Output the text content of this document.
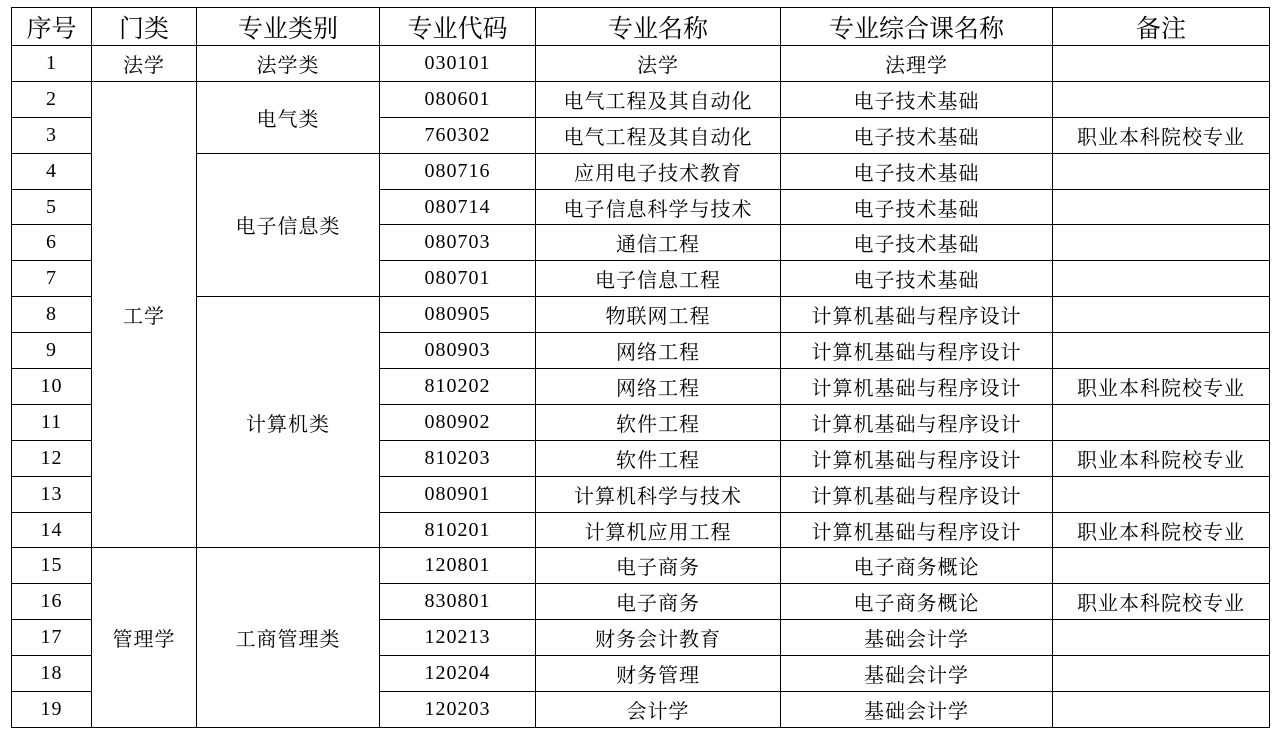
序号	门类	专业类别	专业代码	专业名称	专业综合课名称	备注
1	法学	法学类	030101	法学	法理学	
2	工学	电气类	080601	电气工程及其自动化	电子技术基础	
3			760302	电气工程及其自动化	电子技术基础	职业本科院校专业
4		电子信息类	080716	应用电子技术教育	电子技术基础	
5			080714	电子信息科学与技术	电子技术基础	
6			080703	通信工程	电子技术基础	
7			080701	电子信息工程	电子技术基础	
8		计算机类	080905	物联网工程	计算机基础与程序设计	
9			080903	网络工程	计算机基础与程序设计	
10			810202	网络工程	计算机基础与程序设计	职业本科院校专业
11			080902	软件工程	计算机基础与程序设计	
12			810203	软件工程	计算机基础与程序设计	职业本科院校专业
13			080901	计算机科学与技术	计算机基础与程序设计	
14			810201	计算机应用工程	计算机基础与程序设计	职业本科院校专业
15	管理学	工商管理类	120801	电子商务	电子商务概论	
16			830801	电子商务	电子商务概论	职业本科院校专业
17			120213	财务会计教育	基础会计学	
18			120204	财务管理	基础会计学	
19			120203	会计学	基础会计学	
